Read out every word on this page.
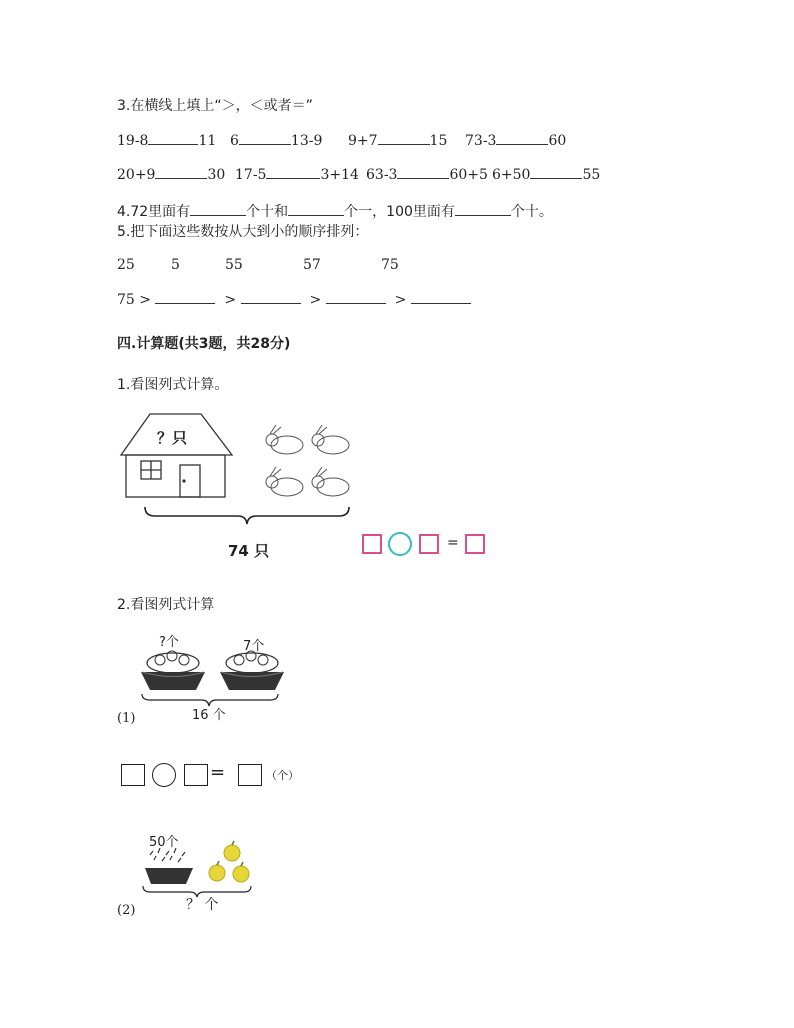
3.在横线上填上“＞，＜或者＝”
19-8	11 6	13-9 9+7	15 73-3	60
20+9	30 17-5	3+14 63-3	60+5 6+50	55
4.72里面有	个十和	个一，100里面有	个十。
5.把下面这些数按从大到小的顺序排列：
25	5	55	57	75
75 >	>	>	>
四.计算题(共3题，共28分)
1.看图列式计算。
？只
74 只	=
2.看图列式计算
?个	7个
16 个
(1)
=	（个）
50个
？ 个
(2)
